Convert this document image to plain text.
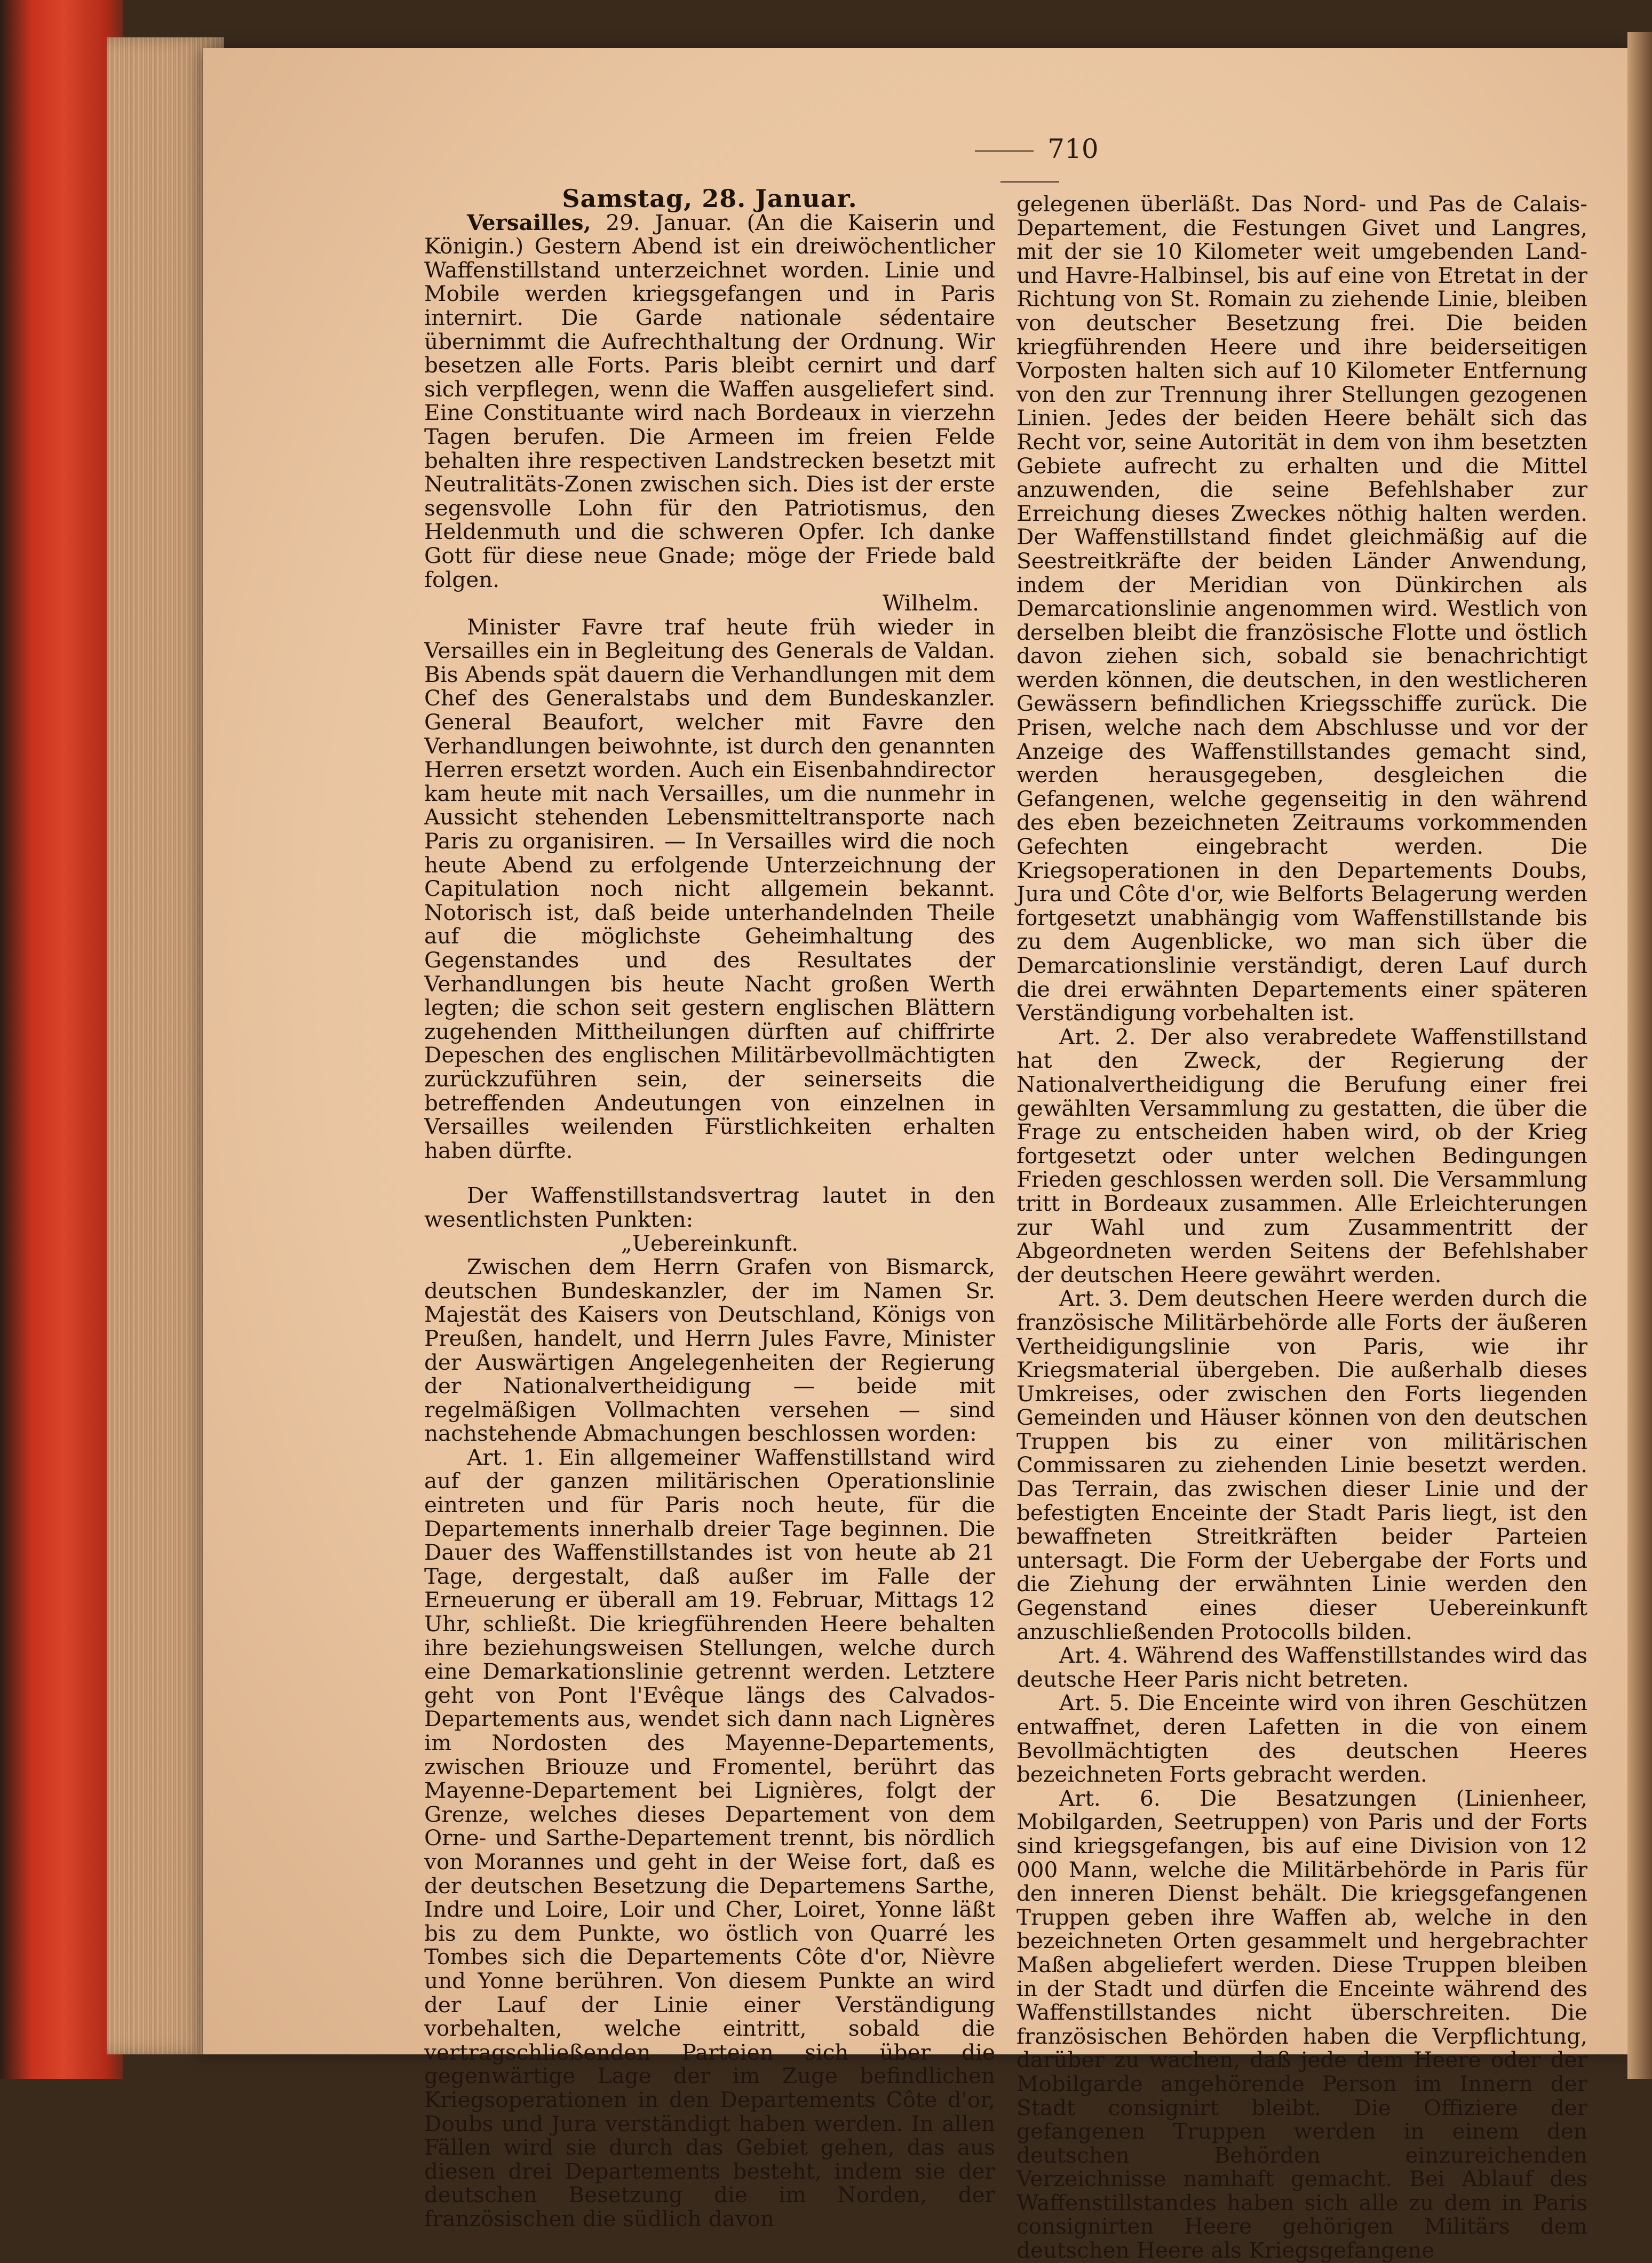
710

Samstag, 28. Januar.

Versailles, 29. Januar. (An die Kaiserin und Königin.) Gestern Abend ist ein dreiwöchentlicher Waffenstillstand unterzeichnet worden. Linie und Mobile werden kriegsgefangen und in Paris internirt. Die Garde nationale sédentaire übernimmt die Aufrechthaltung der Ordnung. Wir besetzen alle Forts. Paris bleibt cernirt und darf sich verpflegen, wenn die Waffen ausgeliefert sind. Eine Constituante wird nach Bordeaux in vierzehn Tagen berufen. Die Armeen im freien Felde behalten ihre respectiven Landstrecken besetzt mit Neutralitäts-Zonen zwischen sich. Dies ist der erste segensvolle Lohn für den Patriotismus, den Heldenmuth und die schweren Opfer. Ich danke Gott für diese neue Gnade; möge der Friede bald folgen.

Wilhelm.

Minister Favre traf heute früh wieder in Versailles ein in Begleitung des Generals de Valdan. Bis Abends spät dauern die Verhandlungen mit dem Chef des Generalstabs und dem Bundeskanzler. General Beaufort, welcher mit Favre den Verhandlungen beiwohnte, ist durch den genannten Herren ersetzt worden. Auch ein Eisenbahndirector kam heute mit nach Versailles, um die nunmehr in Aussicht stehenden Lebensmitteltransporte nach Paris zu organisiren. — In Versailles wird die noch heute Abend zu erfolgende Unterzeichnung der Capitulation noch nicht allgemein bekannt. Notorisch ist, daß beide unterhandelnden Theile auf die möglichste Geheimhaltung des Gegenstandes und des Resultates der Verhandlungen bis heute Nacht großen Werth legten; die schon seit gestern englischen Blättern zugehenden Mittheilungen dürften auf chiffrirte Depeschen des englischen Militärbevollmächtigten zurückzuführen sein, der seinerseits die betreffenden Andeutungen von einzelnen in Versailles weilenden Fürstlichkeiten erhalten haben dürfte.

Der Waffenstillstandsvertrag lautet in den wesentlichsten Punkten:

„Uebereinkunft.

Zwischen dem Herrn Grafen von Bismarck, deutschen Bundeskanzler, der im Namen Sr. Majestät des Kaisers von Deutschland, Königs von Preußen, handelt, und Herrn Jules Favre, Minister der Auswärtigen Angelegenheiten der Regierung der Nationalvertheidigung — beide mit regelmäßigen Vollmachten versehen — sind nachstehende Abmachungen beschlossen worden:

Art. 1. Ein allgemeiner Waffenstillstand wird auf der ganzen militärischen Operationslinie eintreten und für Paris noch heute, für die Departements innerhalb dreier Tage beginnen. Die Dauer des Waffenstillstandes ist von heute ab 21 Tage, dergestalt, daß außer im Falle der Erneuerung er überall am 19. Februar, Mittags 12 Uhr, schließt. Die kriegführenden Heere behalten ihre beziehungsweisen Stellungen, welche durch eine Demarkationslinie getrennt werden. Letztere geht von Pont l'Evêque längs des Calvados-Departements aus, wendet sich dann nach Lignères im Nordosten des Mayenne-Departements, zwischen Briouze und Fromentel, berührt das Mayenne-Departement bei Lignières, folgt der Grenze, welches dieses Departement von dem Orne- und Sarthe-Departement trennt, bis nördlich von Morannes und geht in der Weise fort, daß es der deutschen Besetzung die Departemens Sarthe, Indre und Loire, Loir und Cher, Loiret, Yonne läßt bis zu dem Punkte, wo östlich von Quarré les Tombes sich die Departements Côte d'or, Nièvre und Yonne berühren. Von diesem Punkte an wird der Lauf der Linie einer Verständigung vorbehalten, welche eintritt, sobald die vertragschließenden Parteien sich über die gegenwärtige Lage der im Zuge befindlichen Kriegsoperationen in den Departements Côte d'or, Doubs und Jura verständigt haben werden. In allen Fällen wird sie durch das Gebiet gehen, das aus diesen drei Departements besteht, indem sie der deutschen Besetzung die im Norden, der französischen die südlich davon

gelegenen überläßt. Das Nord- und Pas de Calais-Departement, die Festungen Givet und Langres, mit der sie 10 Kilometer weit umgebenden Land- und Havre-Halbinsel, bis auf eine von Etretat in der Richtung von St. Romain zu ziehende Linie, bleiben von deutscher Besetzung frei. Die beiden kriegführenden Heere und ihre beiderseitigen Vorposten halten sich auf 10 Kilometer Entfernung von den zur Trennung ihrer Stellungen gezogenen Linien. Jedes der beiden Heere behält sich das Recht vor, seine Autorität in dem von ihm besetzten Gebiete aufrecht zu erhalten und die Mittel anzuwenden, die seine Befehlshaber zur Erreichung dieses Zweckes nöthig halten werden. Der Waffenstillstand findet gleichmäßig auf die Seestreitkräfte der beiden Länder Anwendung, indem der Meridian von Dünkirchen als Demarcationslinie angenommen wird. Westlich von derselben bleibt die französische Flotte und östlich davon ziehen sich, sobald sie benachrichtigt werden können, die deutschen, in den westlicheren Gewässern befindlichen Kriegsschiffe zurück. Die Prisen, welche nach dem Abschlusse und vor der Anzeige des Waffenstillstandes gemacht sind, werden herausgegeben, desgleichen die Gefangenen, welche gegenseitig in den während des eben bezeichneten Zeitraums vorkommenden Gefechten eingebracht werden. Die Kriegsoperationen in den Departements Doubs, Jura und Côte d'or, wie Belforts Belagerung werden fortgesetzt unabhängig vom Waffenstillstande bis zu dem Augenblicke, wo man sich über die Demarcationslinie verständigt, deren Lauf durch die drei erwähnten Departements einer späteren Verständigung vorbehalten ist.

Art. 2. Der also verabredete Waffenstillstand hat den Zweck, der Regierung der Nationalvertheidigung die Berufung einer frei gewählten Versammlung zu gestatten, die über die Frage zu entscheiden haben wird, ob der Krieg fortgesetzt oder unter welchen Bedingungen Frieden geschlossen werden soll. Die Versammlung tritt in Bordeaux zusammen. Alle Erleichterungen zur Wahl und zum Zusammentritt der Abgeordneten werden Seitens der Befehlshaber der deutschen Heere gewährt werden.

Art. 3. Dem deutschen Heere werden durch die französische Militärbehörde alle Forts der äußeren Vertheidigungslinie von Paris, wie ihr Kriegsmaterial übergeben. Die außerhalb dieses Umkreises, oder zwischen den Forts liegenden Gemeinden und Häuser können von den deutschen Truppen bis zu einer von militärischen Commissaren zu ziehenden Linie besetzt werden. Das Terrain, das zwischen dieser Linie und der befestigten Enceinte der Stadt Paris liegt, ist den bewaffneten Streitkräften beider Parteien untersagt. Die Form der Uebergabe der Forts und die Ziehung der erwähnten Linie werden den Gegenstand eines dieser Uebereinkunft anzuschließenden Protocolls bilden.

Art. 4. Während des Waffenstillstandes wird das deutsche Heer Paris nicht betreten.

Art. 5. Die Enceinte wird von ihren Geschützen entwaffnet, deren Lafetten in die von einem Bevollmächtigten des deutschen Heeres bezeichneten Forts gebracht werden.

Art. 6. Die Besatzungen (Linienheer, Mobilgarden, Seetruppen) von Paris und der Forts sind kriegsgefangen, bis auf eine Division von 12 000 Mann, welche die Militärbehörde in Paris für den inneren Dienst behält. Die kriegsgefangenen Truppen geben ihre Waffen ab, welche in den bezeichneten Orten gesammelt und hergebrachter Maßen abgeliefert werden. Diese Truppen bleiben in der Stadt und dürfen die Enceinte während des Waffenstillstandes nicht überschreiten. Die französischen Behörden haben die Verpflichtung, darüber zu wachen, daß jede dem Heere oder der Mobilgarde angehörende Person im Innern der Stadt consignirt bleibt. Die Offiziere der gefangenen Truppen werden in einem den deutschen Behörden einzureichenden Verzeichnisse namhaft gemacht. Bei Ablauf des Waffenstillstandes haben sich alle zu dem in Paris consignirten Heere gehörigen Militärs dem deutschen Heere als Kriegsgefangene
